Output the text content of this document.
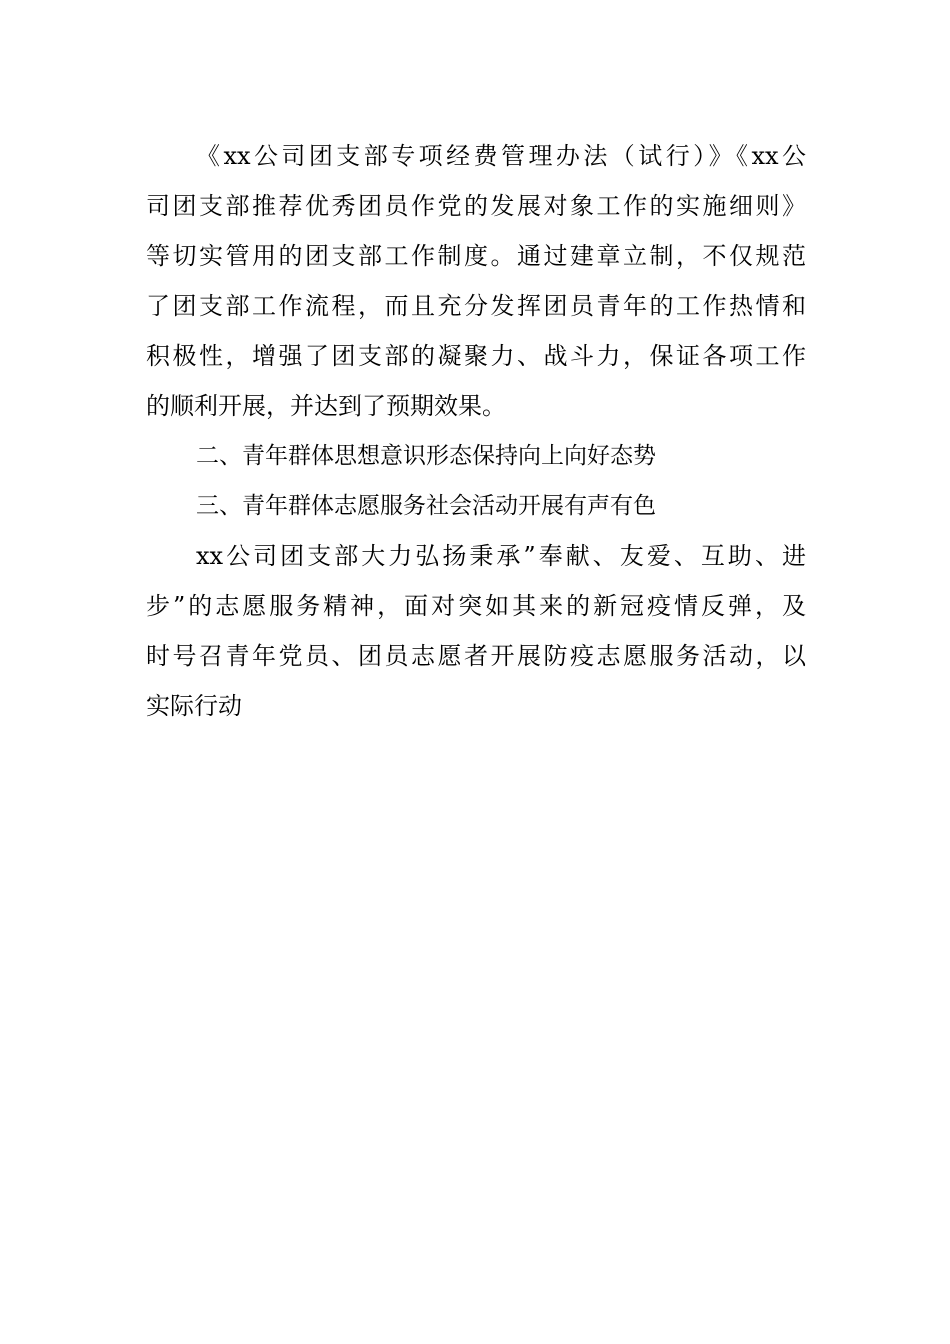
《xx公司团支部专项经费管理办法（试行）》《xx公
司团支部推荐优秀团员作党的发展对象工作的实施细则》
等切实管用的团支部工作制度。通过建章立制，不仅规范
了团支部工作流程，而且充分发挥团员青年的工作热情和
积极性，增强了团支部的凝聚力、战斗力，保证各项工作
的顺利开展，并达到了预期效果。
二、青年群体思想意识形态保持向上向好态势
三、青年群体志愿服务社会活动开展有声有色
xx公司团支部大力弘扬秉承”奉献、友爱、互助、进
步”的志愿服务精神，面对突如其来的新冠疫情反弹，及
时号召青年党员、团员志愿者开展防疫志愿服务活动，以
实际行动
